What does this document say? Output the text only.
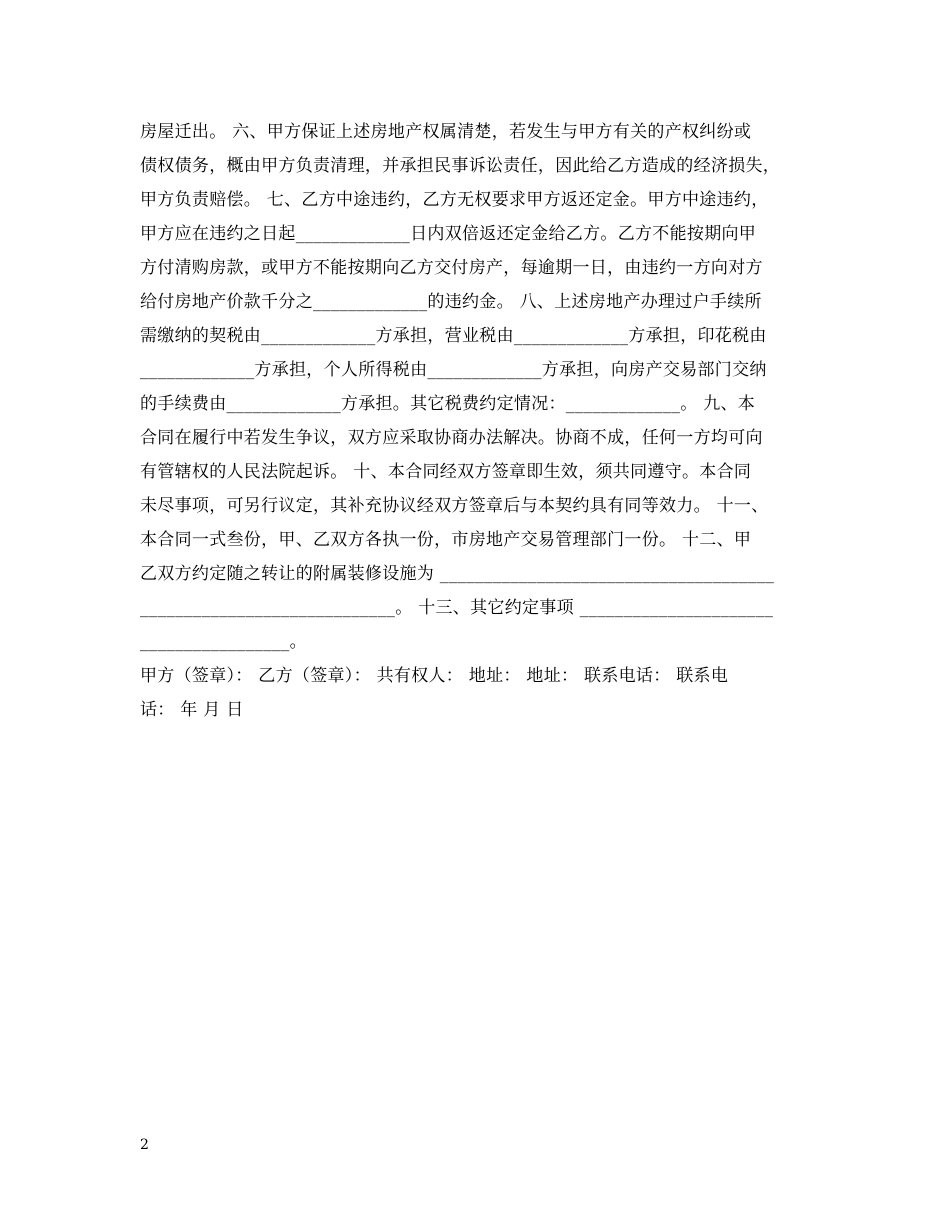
房屋迁出。 六、甲方保证上述房地产权属清楚，若发生与甲方有关的产权纠纷或
债权债务，概由甲方负责清理，并承担民事诉讼责任，因此给乙方造成的经济损失，
甲方负责赔偿。 七、乙方中途违约，乙方无权要求甲方返还定金。甲方中途违约，
甲方应在违约之日起_____________日内双倍返还定金给乙方。乙方不能按期向甲
方付清购房款，或甲方不能按期向乙方交付房产，每逾期一日，由违约一方向对方
给付房地产价款千分之_____________的违约金。 八、上述房地产办理过户手续所
需缴纳的契税由_____________方承担，营业税由_____________方承担，印花税由
_____________方承担，个人所得税由_____________方承担，向房产交易部门交纳
的手续费由_____________方承担。其它税费约定情况：_____________。 九、本
合同在履行中若发生争议，双方应采取协商办法解决。协商不成，任何一方均可向
有管辖权的人民法院起诉。 十、本合同经双方签章即生效，须共同遵守。本合同
未尽事项，可另行议定，其补充协议经双方签章后与本契约具有同等效力。 十一、
本合同一式叁份，甲、乙双方各执一份，市房地产交易管理部门一份。 十二、甲
乙双方约定随之转让的附属装修设施为 ______________________________________
_____________________________。 十三、其它约定事项 ______________________
_________________。
甲方（签章）： 乙方（签章）： 共有权人： 地址： 地址： 联系电话： 联系电
话： 年 月 日
2
